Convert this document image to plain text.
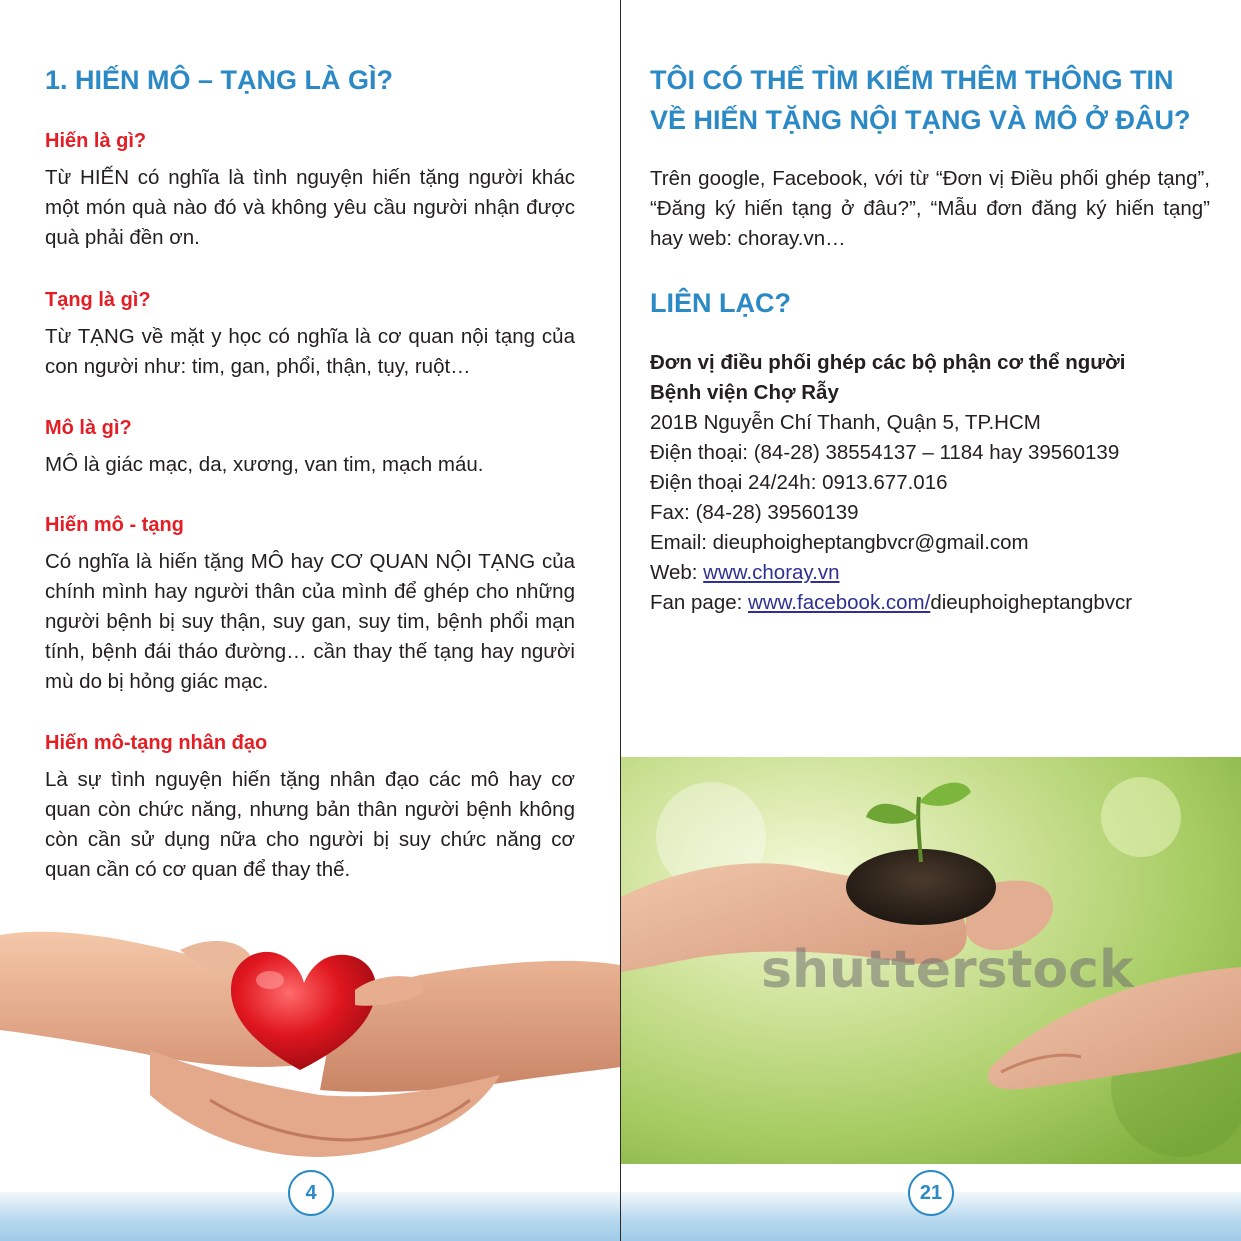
1. HIẾN MÔ – TẠNG LÀ GÌ?
Hiến là gì?

Từ HIẾN có nghĩa là tình nguyện hiến tặng người khác một món quà nào đó và không yêu cầu người nhận được quà phải đền ơn.

Tạng là gì?

Từ TẠNG về mặt y học có nghĩa là cơ quan nội tạng của con người như: tim, gan, phổi, thận, tụy, ruột…

Mô là gì?

MÔ là giác mạc, da, xương, van tim, mạch máu.

Hiến mô - tạng

Có nghĩa là hiến tặng MÔ hay CƠ QUAN NỘI TẠNG của chính mình hay người thân của mình để ghép cho những người bệnh bị suy thận, suy gan, suy tim, bệnh phổi mạn tính, bệnh đái tháo đường… cần thay thế tạng hay người mù do bị hỏng giác mạc.

Hiến mô-tạng nhân đạo

Là sự tình nguyện hiến tặng nhân đạo các mô hay cơ quan còn chức năng, nhưng bản thân người bệnh không còn cần sử dụng nữa cho người bị suy chức năng cơ quan cần có cơ quan để thay thế.

4
TÔI CÓ THỂ TÌM KIẾM THÊM THÔNG TIN
VỀ HIẾN TẶNG NỘI TẠNG VÀ MÔ Ở ĐÂU?

Trên google, Facebook, với từ “Đơn vị Điều phối ghép tạng”, “Đăng ký hiến tạng ở đâu?”, “Mẫu đơn đăng ký hiến tạng” hay web: choray.vn…

LIÊN LẠC?

Đơn vị điều phối ghép các bộ phận cơ thể người

Bệnh viện Chợ Rẫy

201B Nguyễn Chí Thanh, Quận 5, TP.HCM

Điện thoại: (84-28) 38554137 – 1184 hay 39560139

Điện thoại 24/24h: 0913.677.016

Fax: (84-28) 39560139

Email: dieuphoigheptangbvcr@gmail.com

Web: www.choray.vn

Fan page: www.facebook.com/dieuphoigheptangbvcr

shutterstock
21
